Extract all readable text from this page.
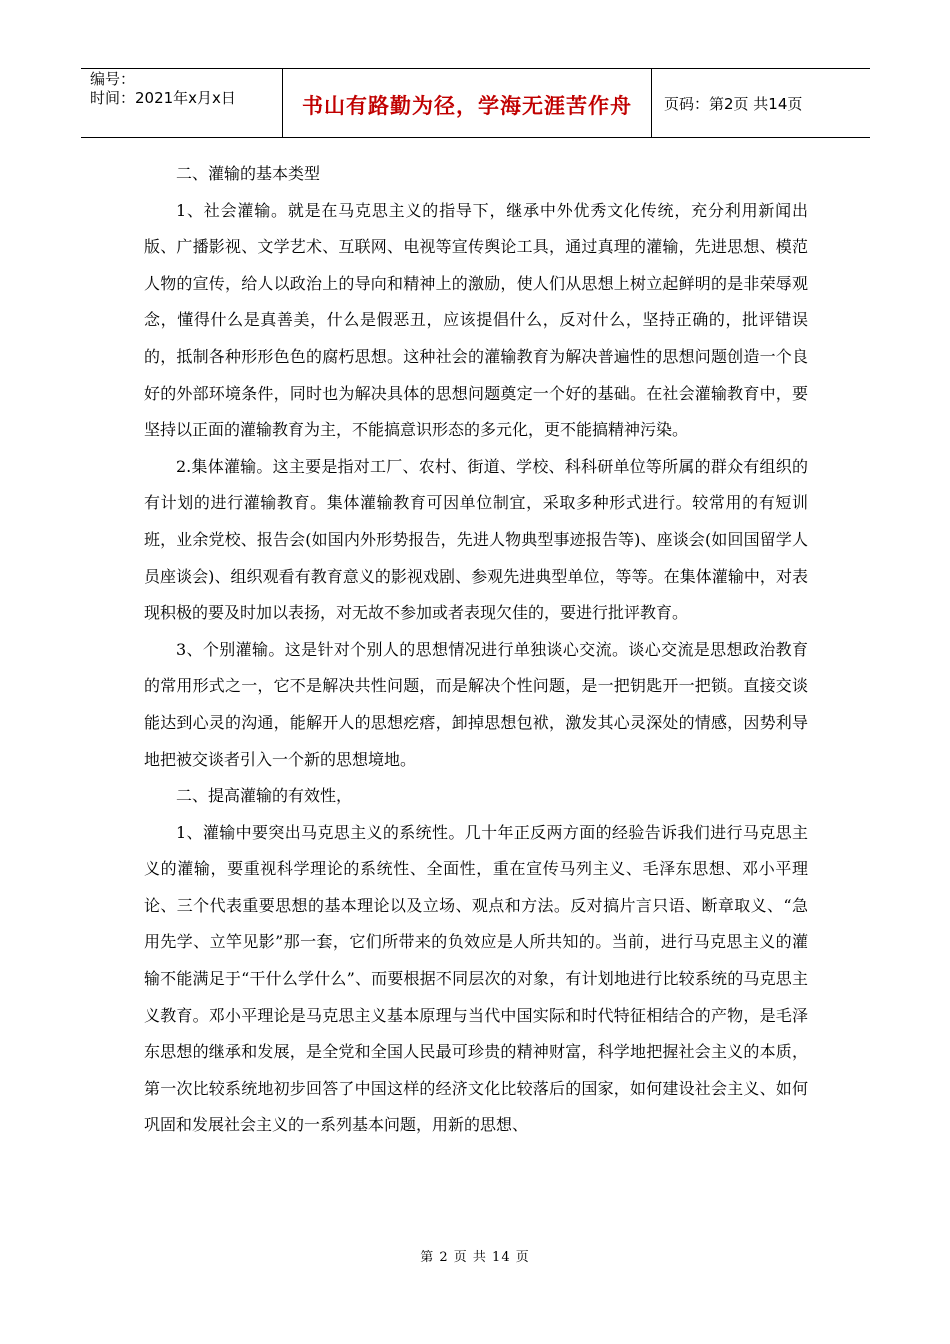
编号：
时间：2021年x月x日	书山有路勤为径，学海无涯苦作舟 页码：第2页 共14页

二、灌输的基本类型

1、社会灌输。就是在马克思主义的指导下，继承中外优秀文化传统，充分利用新闻出版、广播影视、文学艺术、互联网、电视等宣传舆论工具，通过真理的灌输，先进思想、模范人物的宣传，给人以政治上的导向和精神上的激励，使人们从思想上树立起鲜明的是非荣辱观念，懂得什么是真善美，什么是假恶丑，应该提倡什么，反对什么，坚持正确的，批评错误的，抵制各种形形色色的腐朽思想。这种社会的灌输教育为解决普遍性的思想问题创造一个良好的外部环境条件，同时也为解决具体的思想问题奠定一个好的基础。在社会灌输教育中，要坚持以正面的灌输教育为主，不能搞意识形态的多元化，更不能搞精神污染。

2.集体灌输。这主要是指对工厂、农村、街道、学校、科科研单位等所属的群众有组织的有计划的进行灌输教育。集体灌输教育可因单位制宜，采取多种形式进行。较常用的有短训班，业余党校、报告会(如国内外形势报告，先进人物典型事迹报告等)、座谈会(如回国留学人员座谈会)、组织观看有教育意义的影视戏剧、参观先进典型单位，等等。在集体灌输中，对表现积极的要及时加以表扬，对无故不参加或者表现欠佳的，要进行批评教育。

3、个别灌输。这是针对个别人的思想情况进行单独谈心交流。谈心交流是思想政治教育的常用形式之一，它不是解决共性问题，而是解决个性问题，是一把钥匙开一把锁。直接交谈能达到心灵的沟通，能解开人的思想疙瘩，卸掉思想包袱，激发其心灵深处的情感，因势利导地把被交谈者引入一个新的思想境地。

二、提高灌输的有效性，

1、灌输中要突出马克思主义的系统性。几十年正反两方面的经验告诉我们进行马克思主义的灌输，要重视科学理论的系统性、全面性，重在宣传马列主义、毛泽东思想、邓小平理论、三个代表重要思想的基本理论以及立场、观点和方法。反对搞片言只语、断章取义、“急用先学、立竿见影”那一套，它们所带来的负效应是人所共知的。当前，进行马克思主义的灌输不能满足于“干什么学什么”、而要根据不同层次的对象，有计划地进行比较系统的马克思主义教育。邓小平理论是马克思主义基本原理与当代中国实际和时代特征相结合的产物，是毛泽东思想的继承和发展，是全党和全国人民最可珍贵的精神财富，科学地把握社会主义的本质，第一次比较系统地初步回答了中国这样的经济文化比较落后的国家，如何建设社会主义、如何巩固和发展社会主义的一系列基本问题，用新的思想、

第 2 页 共 14 页
